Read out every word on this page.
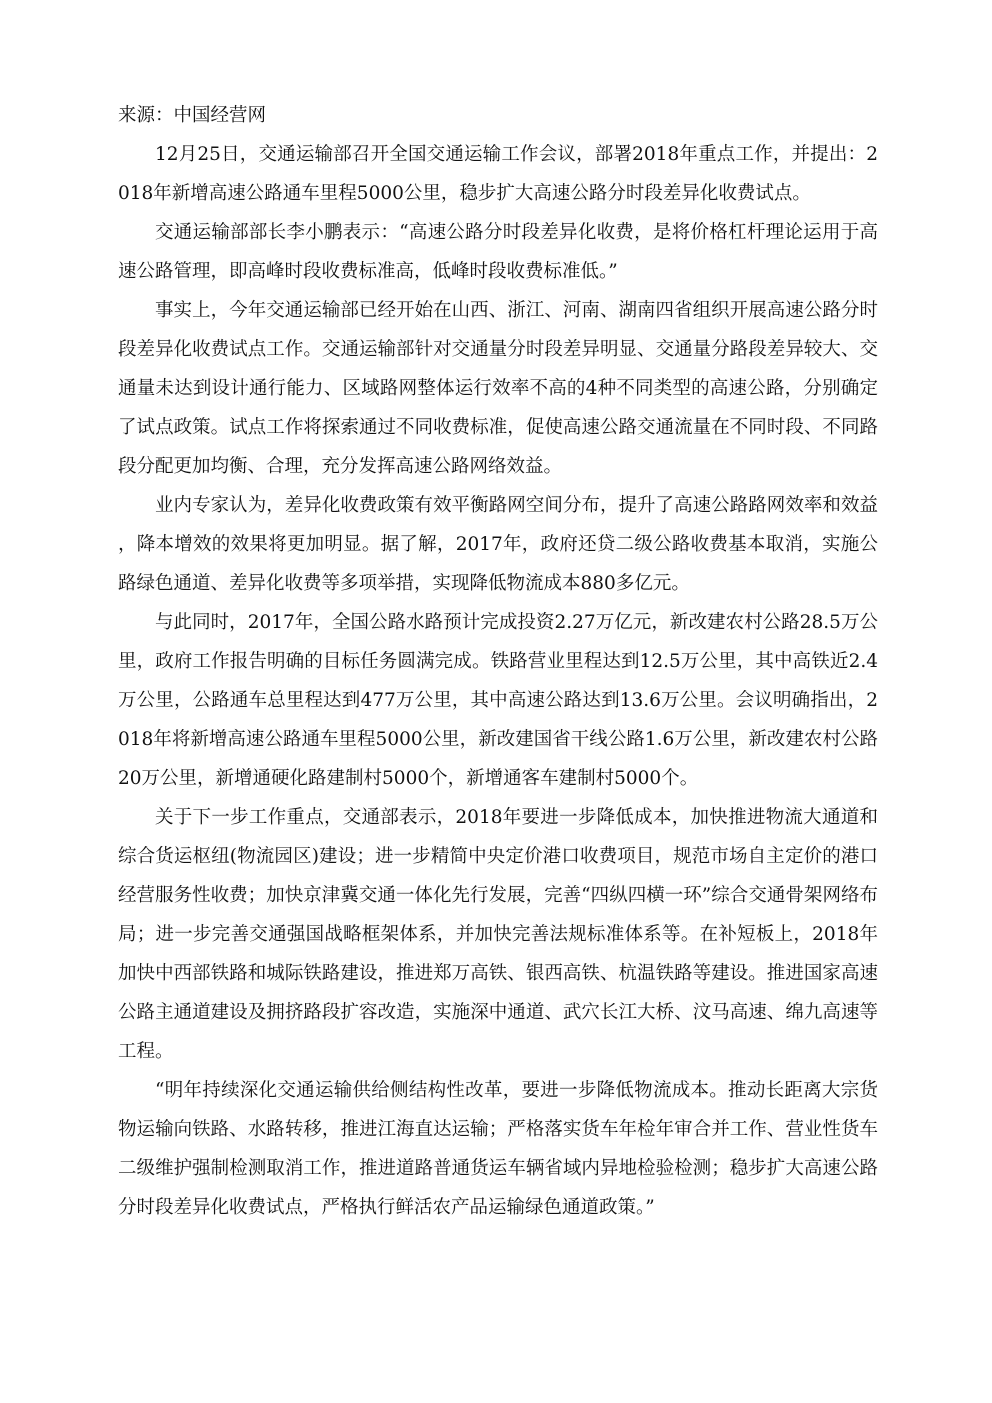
来源：中国经营网

12月25日，交通运输部召开全国交通运输工作会议，部署2018年重点工作，并提出：2018年新增高速公路通车里程5000公里，稳步扩大高速公路分时段差异化收费试点。

交通运输部部长李小鹏表示：“高速公路分时段差异化收费，是将价格杠杆理论运用于高速公路管理，即高峰时段收费标准高，低峰时段收费标准低。”

事实上，今年交通运输部已经开始在山西、浙江、河南、湖南四省组织开展高速公路分时段差异化收费试点工作。交通运输部针对交通量分时段差异明显、交通量分路段差异较大、交通量未达到设计通行能力、区域路网整体运行效率不高的4种不同类型的高速公路，分别确定了试点政策。试点工作将探索通过不同收费标准，促使高速公路交通流量在不同时段、不同路段分配更加均衡、合理，充分发挥高速公路网络效益。

业内专家认为，差异化收费政策有效平衡路网空间分布，提升了高速公路路网效率和效益，降本增效的效果将更加明显。据了解，2017年，政府还贷二级公路收费基本取消，实施公路绿色通道、差异化收费等多项举措，实现降低物流成本880多亿元。

与此同时，2017年，全国公路水路预计完成投资2.27万亿元，新改建农村公路28.5万公里，政府工作报告明确的目标任务圆满完成。铁路营业里程达到12.5万公里，其中高铁近2.4万公里，公路通车总里程达到477万公里，其中高速公路达到13.6万公里。会议明确指出，2018年将新增高速公路通车里程5000公里，新改建国省干线公路1.6万公里，新改建农村公路20万公里，新增通硬化路建制村5000个，新增通客车建制村5000个。

关于下一步工作重点，交通部表示，2018年要进一步降低成本，加快推进物流大通道和综合货运枢纽(物流园区)建设；进一步精简中央定价港口收费项目，规范市场自主定价的港口经营服务性收费；加快京津冀交通一体化先行发展，完善“四纵四横一环”综合交通骨架网络布局；进一步完善交通强国战略框架体系，并加快完善法规标准体系等。在补短板上，2018年加快中西部铁路和城际铁路建设，推进郑万高铁、银西高铁、杭温铁路等建设。推进国家高速公路主通道建设及拥挤路段扩容改造，实施深中通道、武穴长江大桥、汶马高速、绵九高速等工程。

“明年持续深化交通运输供给侧结构性改革，要进一步降低物流成本。推动长距离大宗货物运输向铁路、水路转移，推进江海直达运输；严格落实货车年检年审合并工作、营业性货车二级维护强制检测取消工作，推进道路普通货运车辆省域内异地检验检测；稳步扩大高速公路分时段差异化收费试点，严格执行鲜活农产品运输绿色通道政策。”
